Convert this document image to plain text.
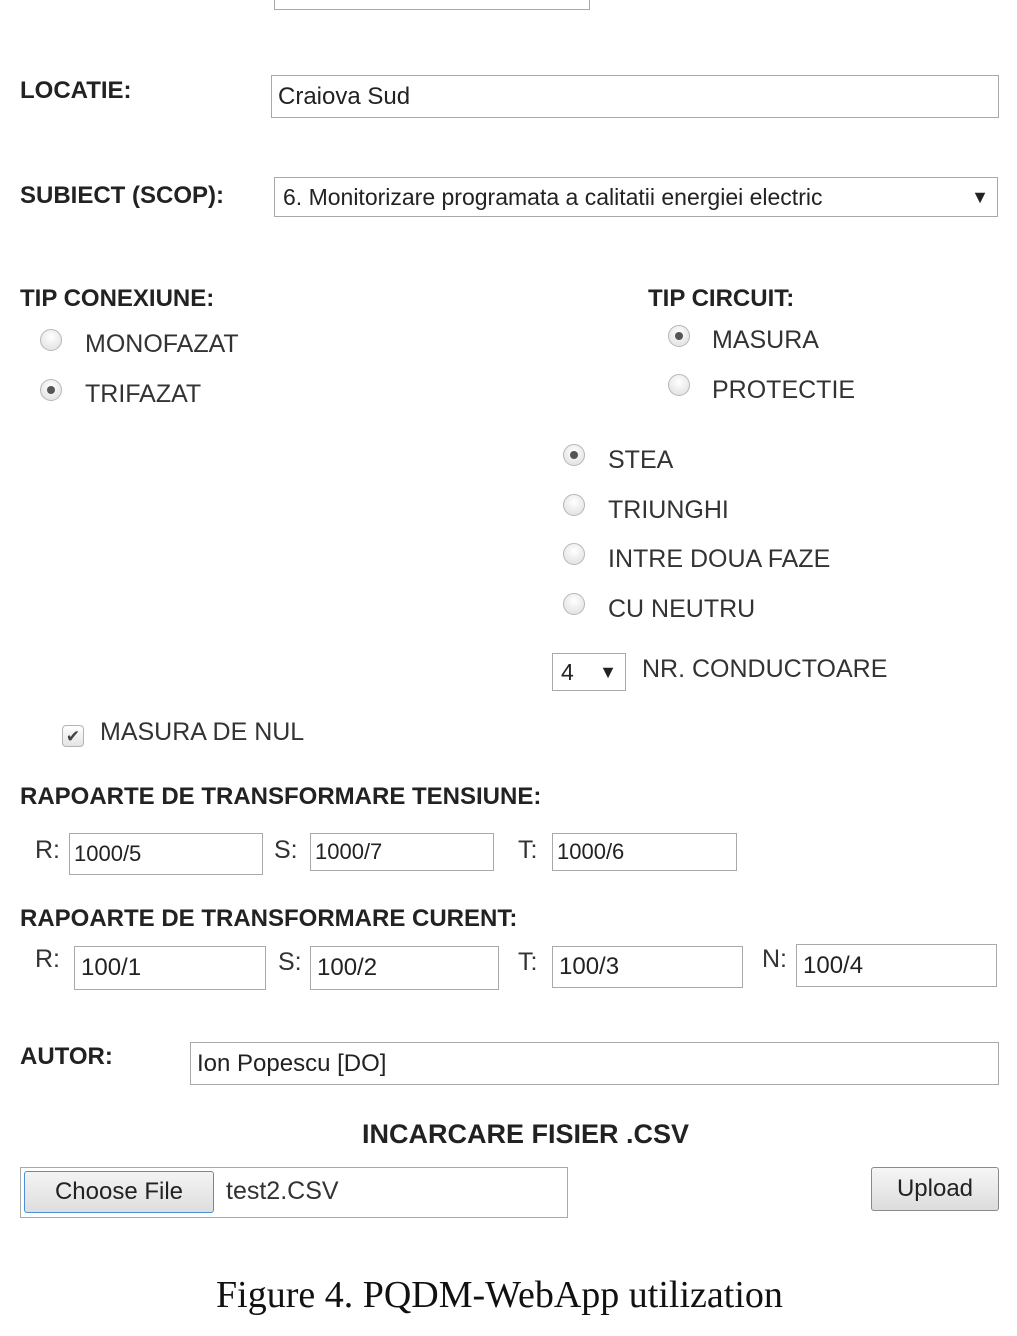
LOCATIE:	Craiova Sud
SUBIECT (SCOP):	6. Monitorizare programata a calitatii energiei electric	▼
TIP CONEXIUNE:
MONOFAZAT
TRIFAZAT
TIP CIRCUIT:
MASURA
PROTECTIE
STEA
TRIUNGHI
INTRE DOUA FAZE
CU NEUTRU
4 ▼ NR. CONDUCTOARE
✔ MASURA DE NUL
RAPOARTE DE TRANSFORMARE TENSIUNE:
R: 1000/5	S: 1000/7	T: 1000/6
RAPOARTE DE TRANSFORMARE CURENT:
R: 100/1	S: 100/2	T: 100/3	N: 100/4
AUTOR:	Ion Popescu [DO]
INCARCARE FISIER .CSV
Choose File	test2.CSV	Upload
Figure 4. PQDM-WebApp utilization
